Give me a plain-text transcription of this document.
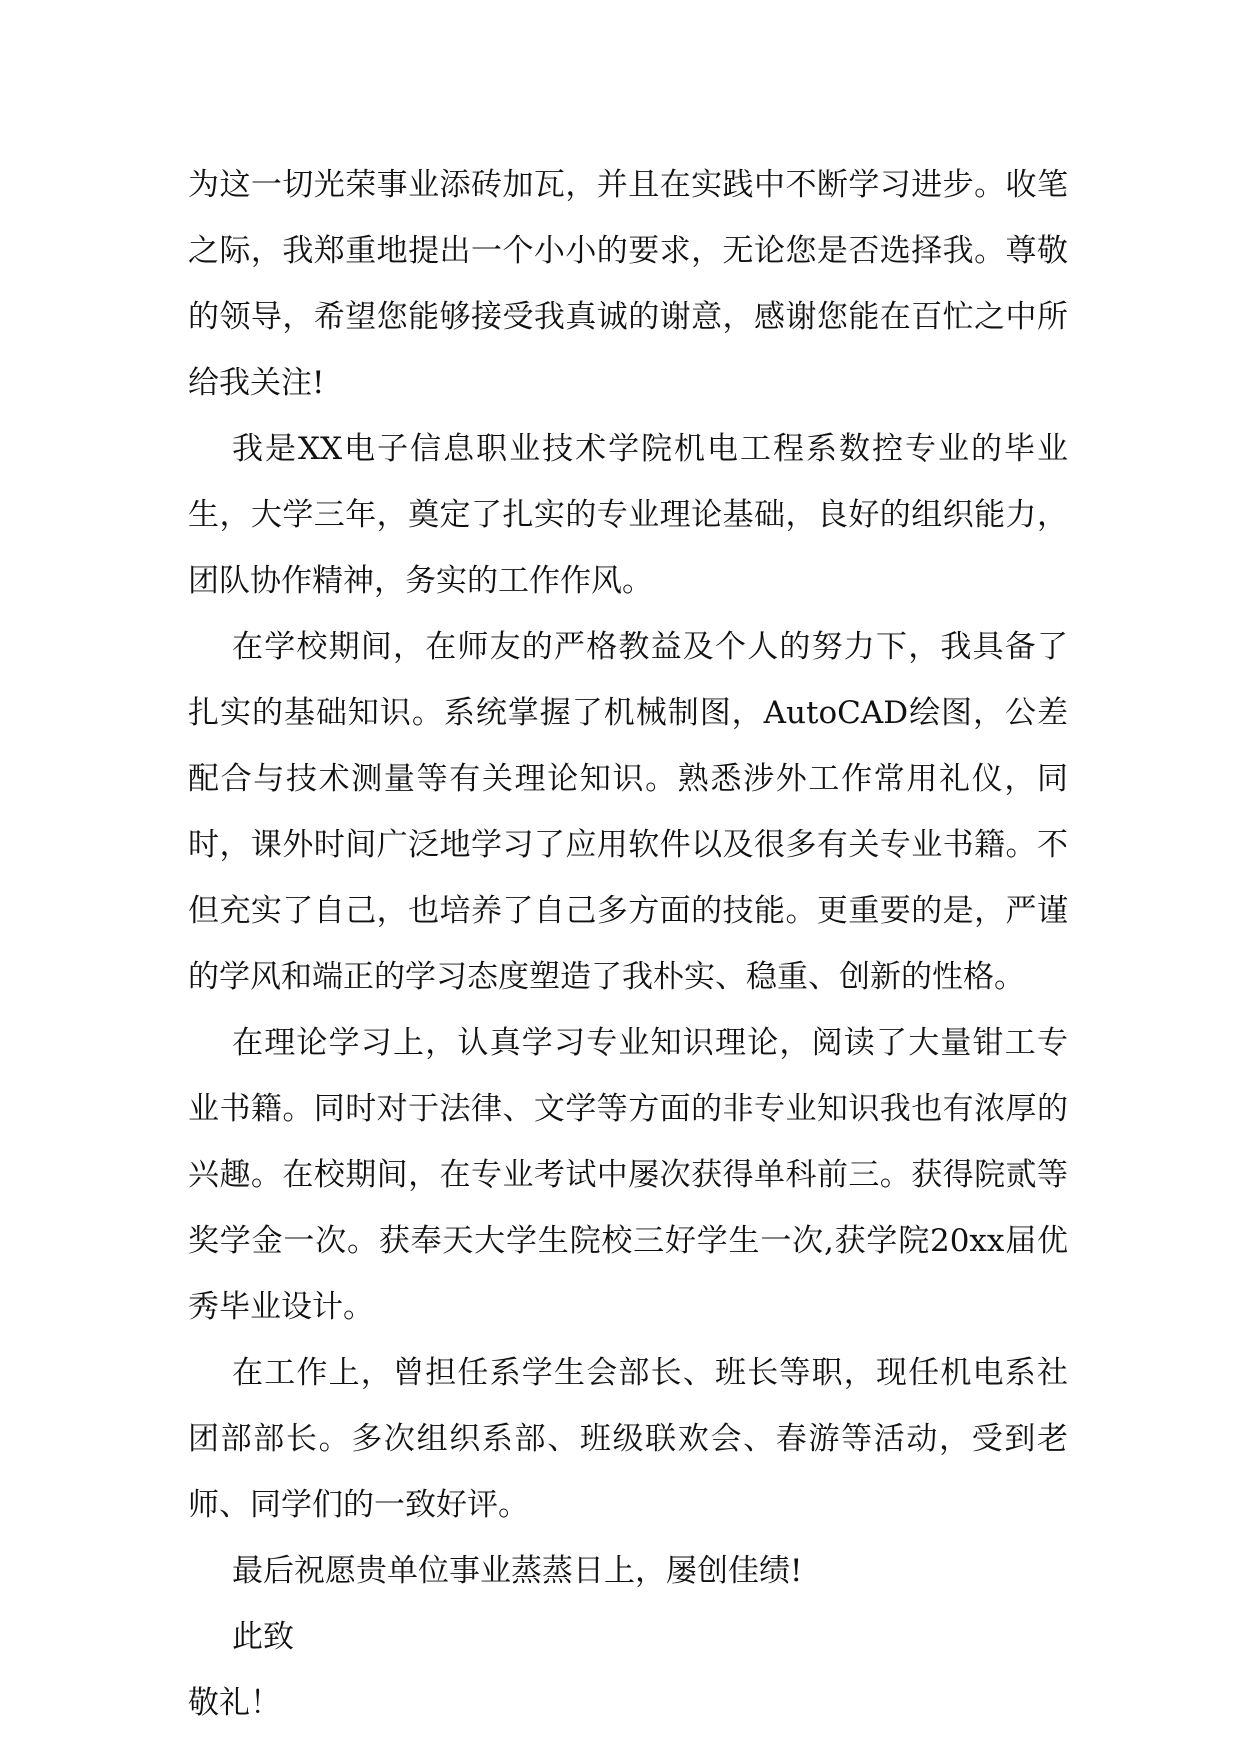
为这一切光荣事业添砖加瓦，并且在实践中不断学习进步。收笔之际，我郑重地提出一个小小的要求，无论您是否选择我。尊敬的领导，希望您能够接受我真诚的谢意，感谢您能在百忙之中所给我关注!

我是XX电子信息职业技术学院机电工程系数控专业的毕业生，大学三年，奠定了扎实的专业理论基础，良好的组织能力，团队协作精神，务实的工作作风。

在学校期间，在师友的严格教益及个人的努力下，我具备了扎实的基础知识。系统掌握了机械制图，AutoCAD绘图，公差配合与技术测量等有关理论知识。熟悉涉外工作常用礼仪，同时，课外时间广泛地学习了应用软件以及很多有关专业书籍。不但充实了自己，也培养了自己多方面的技能。更重要的是，严谨的学风和端正的学习态度塑造了我朴实、稳重、创新的性格。

在理论学习上，认真学习专业知识理论，阅读了大量钳工专业书籍。同时对于法律、文学等方面的非专业知识我也有浓厚的兴趣。在校期间，在专业考试中屡次获得单科前三。获得院贰等奖学金一次。获奉天大学生院校三好学生一次,获学院20xx届优秀毕业设计。

在工作上，曾担任系学生会部长、班长等职，现任机电系社团部部长。多次组织系部、班级联欢会、春游等活动，受到老师、同学们的一致好评。

最后祝愿贵单位事业蒸蒸日上，屡创佳绩!

此致

敬礼！
